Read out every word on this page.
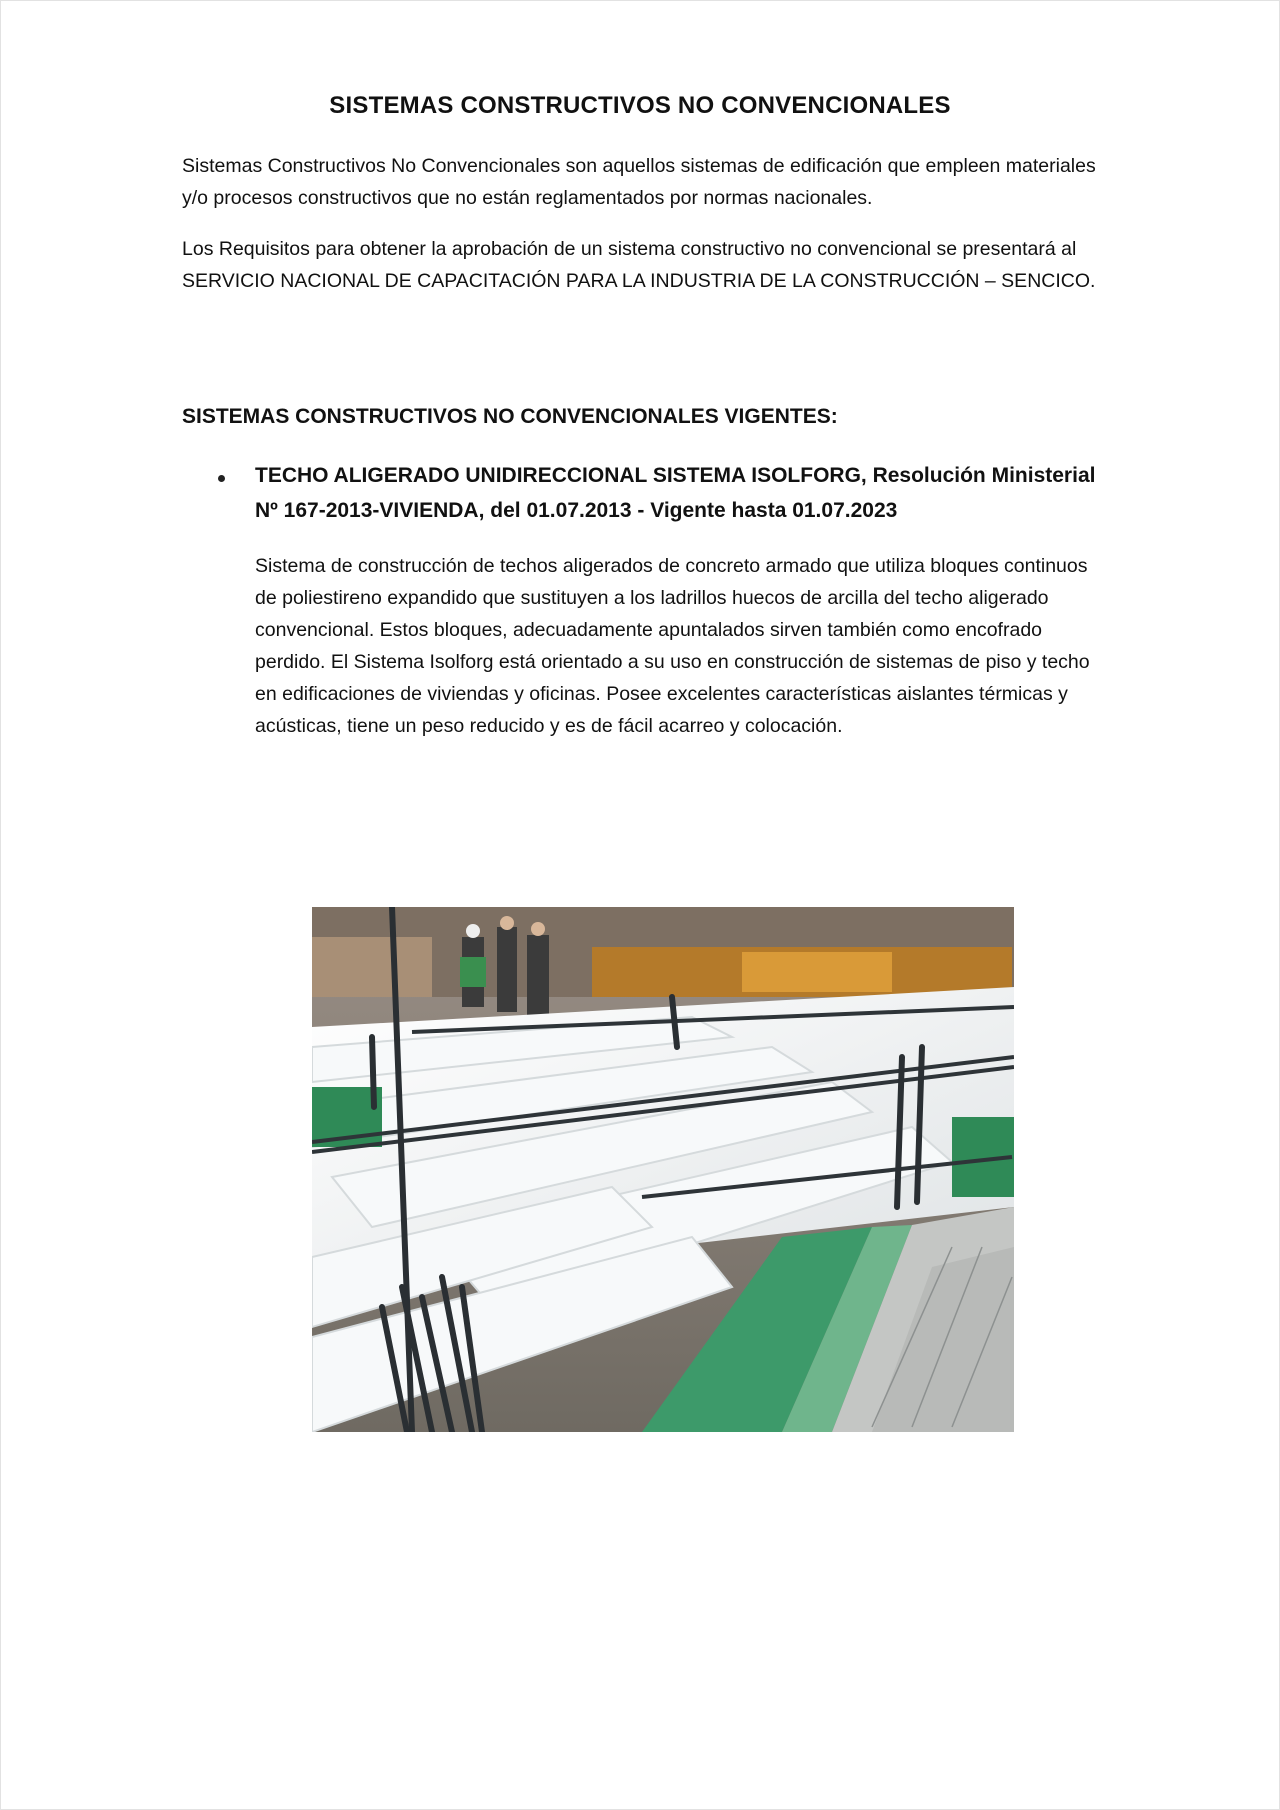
SISTEMAS CONSTRUCTIVOS NO CONVENCIONALES

Sistemas Constructivos No Convencionales son aquellos sistemas de edificación que empleen materiales y/o procesos constructivos que no están reglamentados por normas nacionales.

Los Requisitos para obtener la aprobación de un sistema constructivo no convencional se presentará al SERVICIO NACIONAL DE CAPACITACIÓN PARA LA INDUSTRIA DE LA CONSTRUCCIÓN – SENCICO.

SISTEMAS CONSTRUCTIVOS NO CONVENCIONALES VIGENTES:
TECHO ALIGERADO UNIDIRECCIONAL SISTEMA ISOLFORG, Resolución Ministerial Nº 167-2013-VIVIENDA, del 01.07.2013 - Vigente hasta 01.07.2023

Sistema de construcción de techos aligerados de concreto armado que utiliza bloques continuos de poliestireno expandido que sustituyen a los ladrillos huecos de arcilla del techo aligerado convencional. Estos bloques, adecuadamente apuntalados sirven también como encofrado perdido. El Sistema Isolforg está orientado a su uso en construcción de sistemas de piso y techo en edificaciones de viviendas y oficinas. Posee excelentes características aislantes térmicas y acústicas, tiene un peso reducido y es de fácil acarreo y colocación.
